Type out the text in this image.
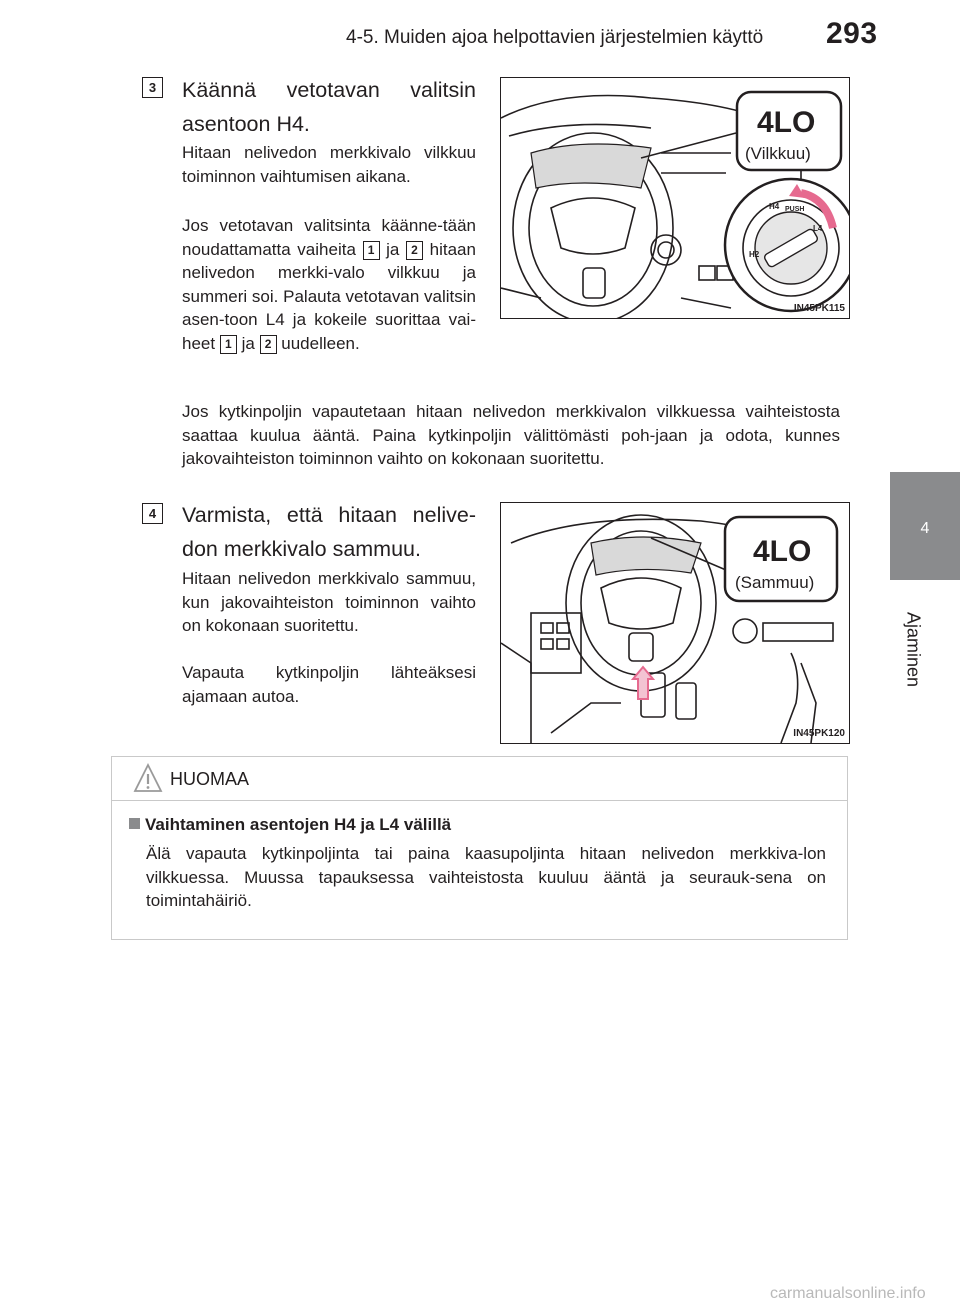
4-5. Muiden ajoa helpottavien järjestelmien käyttö 293
4
Ajaminen
3	Käännä vetotavan valitsin asentoon H4.
Hitaan nelivedon merkkivalo vilkkuu toiminnon vaihtumisen aikana.
Jos vetotavan valitsinta käänne-tään noudattamatta vaiheita 1 ja 2 hitaan nelivedon merkki-valo vilkkuu ja summeri soi. Palauta vetotavan valitsin asen-toon L4 ja kokeile suorittaa vai-heet 1 ja 2 uudelleen.
Jos kytkinpoljin vapautetaan hitaan nelivedon merkkivalon vilkkuessa vaihteistosta saattaa kuulua ääntä. Paina kytkinpoljin välittömästi poh-jaan ja odota, kunnes jakovaihteiston toiminnon vaihto on kokonaan suoritettu.
4LO
(Vilkkuu)
H4 PUSH
L4
H2
IN45PK115
4	Varmista, että hitaan nelive-don merkkivalo sammuu.
Hitaan nelivedon merkkivalo sammuu, kun jakovaihteiston toiminnon vaihto on kokonaan suoritettu.
Vapauta kytkinpoljin lähteäksesi ajamaan autoa.
4LO
(Sammuu)
IN45PK120
HUOMAA
Vaihtaminen asentojen H4 ja L4 välillä
Älä vapauta kytkinpoljinta tai paina kaasupoljinta hitaan nelivedon merkkiva-lon vilkkuessa. Muussa tapauksessa vaihteistosta kuuluu ääntä ja seurauk-sena on toimintahäiriö.
carmanualsonline.info
